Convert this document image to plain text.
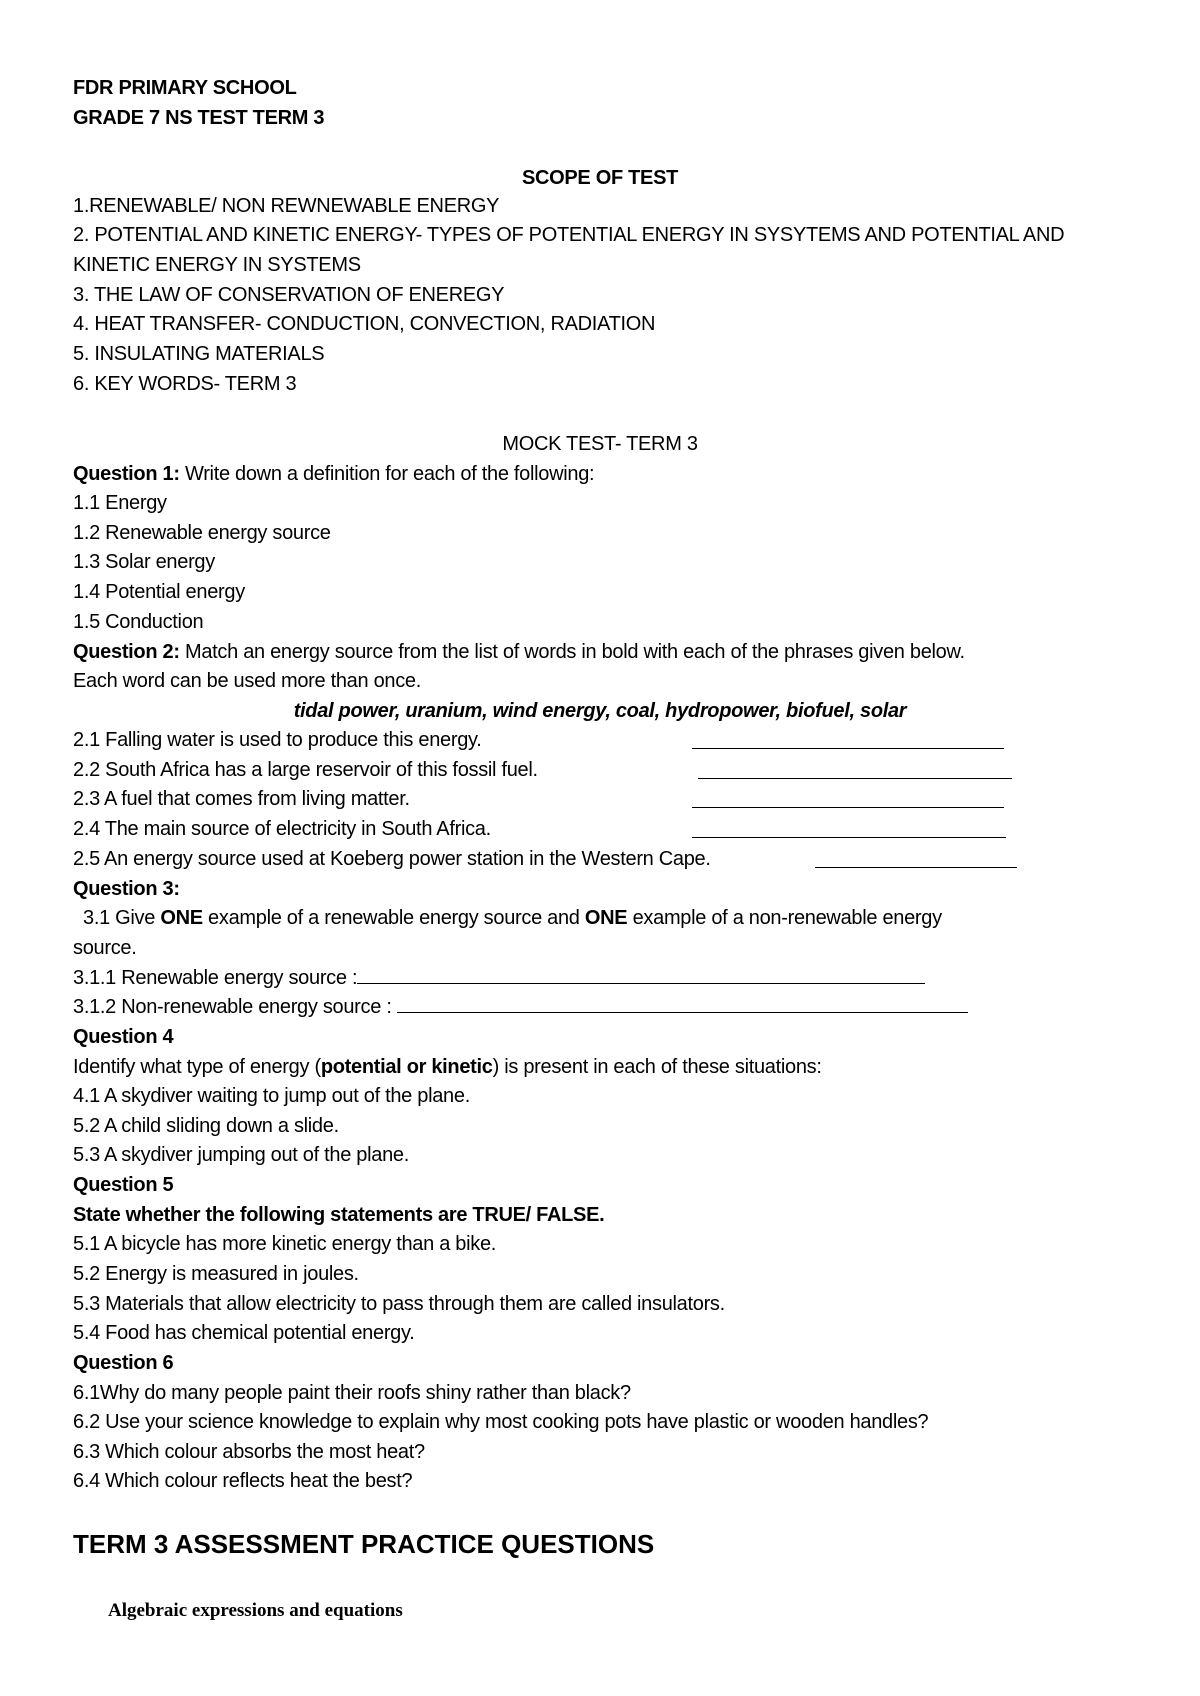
FDR PRIMARY SCHOOL
GRADE 7 NS TEST TERM 3
SCOPE OF TEST
1.RENEWABLE/ NON REWNEWABLE ENERGY
2. POTENTIAL AND KINETIC ENERGY- TYPES OF POTENTIAL ENERGY IN SYSYTEMS AND POTENTIAL AND
KINETIC ENERGY IN SYSTEMS
3. THE LAW OF CONSERVATION OF ENEREGY
4. HEAT TRANSFER- CONDUCTION, CONVECTION, RADIATION
5. INSULATING MATERIALS
6. KEY WORDS- TERM 3
MOCK TEST- TERM 3
Question 1: Write down a definition for each of the following:
1.1 Energy
1.2 Renewable energy source
1.3 Solar energy
1.4 Potential energy
1.5 Conduction
Question 2: Match an energy source from the list of words in bold with each of the phrases given below.
Each word can be used more than once.
tidal power, uranium, wind energy, coal, hydropower, biofuel, solar
2.1 Falling water is used to produce this energy.
2.2 South Africa has a large reservoir of this fossil fuel.
2.3 A fuel that comes from living matter.
2.4 The main source of electricity in South Africa.
2.5 An energy source used at Koeberg power station in the Western Cape.
Question 3:
3.1 Give ONE example of a renewable energy source and ONE example of a non-renewable energy
source.
3.1.1 Renewable energy source :
3.1.2 Non-renewable energy source :
Question 4
Identify what type of energy (potential or kinetic) is present in each of these situations:
4.1 A skydiver waiting to jump out of the plane.
5.2 A child sliding down a slide.
5.3 A skydiver jumping out of the plane.
Question 5
State whether the following statements are TRUE/ FALSE.
5.1 A bicycle has more kinetic energy than a bike.
5.2 Energy is measured in joules.
5.3 Materials that allow electricity to pass through them are called insulators.
5.4 Food has chemical potential energy.
Question 6
6.1Why do many people paint their roofs shiny rather than black?
6.2 Use your science knowledge to explain why most cooking pots have plastic or wooden handles?
6.3 Which colour absorbs the most heat?
6.4 Which colour reflects heat the best?
TERM 3 ASSESSMENT PRACTICE QUESTIONS
Algebraic expressions and equations
